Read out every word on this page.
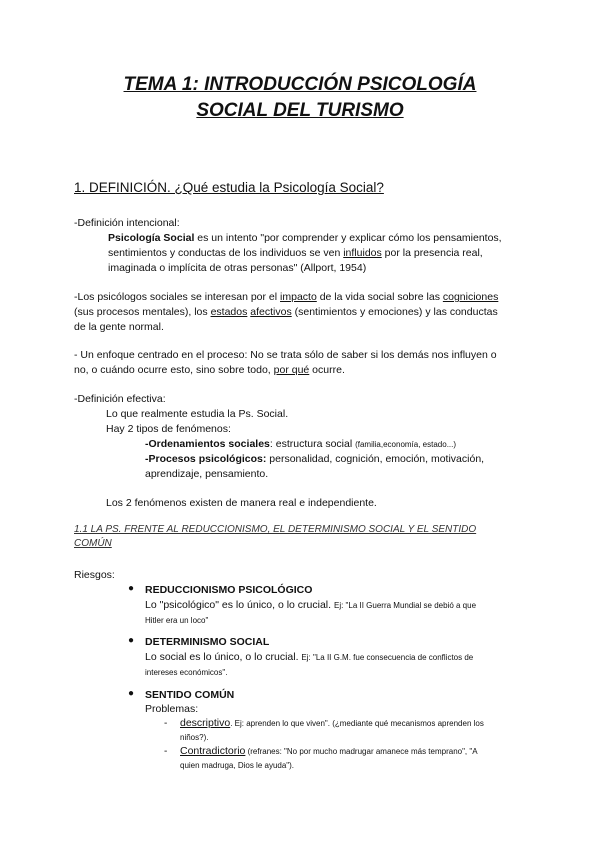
TEMA 1: INTRODUCCIÓN PSICOLOGÍA
SOCIAL DEL TURISMO
1. DEFINICIÓN. ¿Qué estudia la Psicología Social?
-Definición intencional:
Psicología Social es un intento "por comprender y explicar cómo los pensamientos,
sentimientos y conductas de los individuos se ven influidos por la presencia real,
imaginada o implícita de otras personas" (Allport, 1954)
-Los psicólogos sociales se interesan por el impacto de la vida social sobre las cogniciones
(sus procesos mentales), los estados afectivos (sentimientos y emociones) y las conductas
de la gente normal.
- Un enfoque centrado en el proceso: No se trata sólo de saber si los demás nos influyen o
no, o cuándo ocurre esto, sino sobre todo, por qué ocurre.
-Definición efectiva:
Lo que realmente estudia la Ps. Social.
Hay 2 tipos de fenómenos:
-Ordenamientos sociales: estructura social (familia,economía, estado...)
-Procesos psicológicos: personalidad, cognición, emoción, motivación,
aprendizaje, pensamiento.
Los 2 fenómenos existen de manera real e independiente.
1.1 LA PS. FRENTE AL REDUCCIONISMO, EL DETERMINISMO SOCIAL Y EL SENTIDO
COMÚN
Riesgos:
● REDUCCIONISMO PSICOLÓGICO
Lo "psicológico" es lo único, o lo crucial. Ej: "La II Guerra Mundial se debió a que
Hitler era un loco"
● DETERMINISMO SOCIAL
Lo social es lo único, o lo crucial. Ej: "La II G.M. fue consecuencia de conflictos de
intereses económicos".
● SENTIDO COMÚN
Problemas:
- descriptivo. Ej: aprenden lo que viven". (¿mediante qué mecanismos aprenden los
niños?).
- Contradictorio (refranes: "No por mucho madrugar amanece más temprano", "A
quien madruga, Dios le ayuda").
